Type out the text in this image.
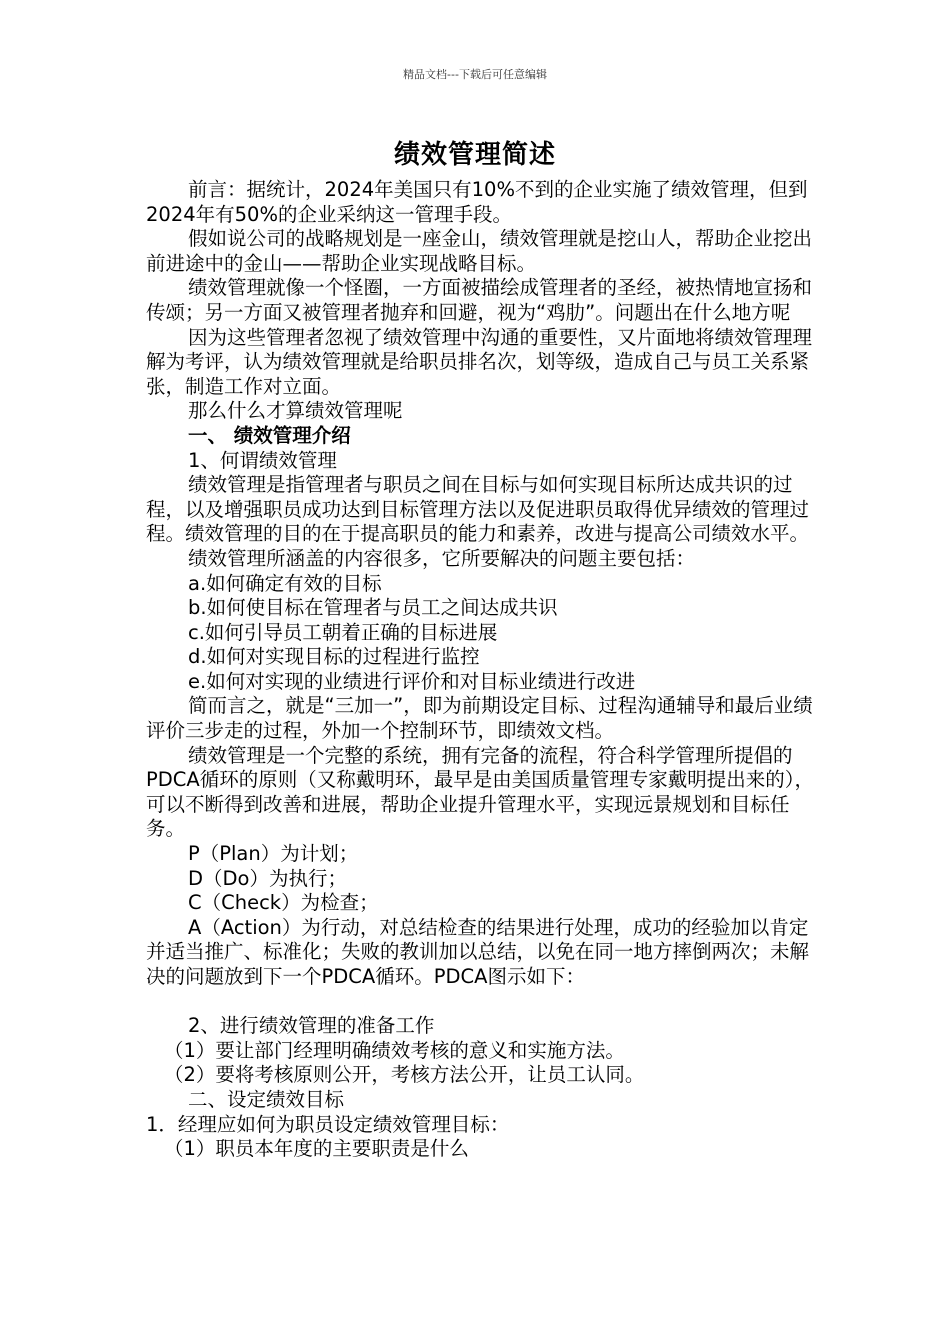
精品文档---下载后可任意编辑
绩效管理简述

前言：据统计，2024年美国只有10%不到的企业实施了绩效管理，但到2024年有50%的企业采纳这一管理手段。

假如说公司的战略规划是一座金山，绩效管理就是挖山人，帮助企业挖出前进途中的金山——帮助企业实现战略目标。

绩效管理就像一个怪圈，一方面被描绘成管理者的圣经，被热情地宣扬和传颂；另一方面又被管理者抛弃和回避，视为“鸡肋”。问题出在什么地方呢

因为这些管理者忽视了绩效管理中沟通的重要性，又片面地将绩效管理理解为考评，认为绩效管理就是给职员排名次，划等级，造成自己与员工关系紧张，制造工作对立面。

那么什么才算绩效管理呢

一、 绩效管理介绍

1、何谓绩效管理

绩效管理是指管理者与职员之间在目标与如何实现目标所达成共识的过程，以及增强职员成功达到目标管理方法以及促进职员取得优异绩效的管理过程。绩效管理的目的在于提高职员的能力和素养，改进与提高公司绩效水平。

绩效管理所涵盖的内容很多，它所要解决的问题主要包括：

a.如何确定有效的目标

b.如何使目标在管理者与员工之间达成共识

c.如何引导员工朝着正确的目标进展

d.如何对实现目标的过程进行监控

e.如何对实现的业绩进行评价和对目标业绩进行改进

简而言之，就是“三加一”，即为前期设定目标、过程沟通辅导和最后业绩评价三步走的过程，外加一个控制环节，即绩效文档。

绩效管理是一个完整的系统，拥有完备的流程，符合科学管理所提倡的PDCA循环的原则（又称戴明环，最早是由美国质量管理专家戴明提出来的），可以不断得到改善和进展，帮助企业提升管理水平，实现远景规划和目标任务。

P（Plan）为计划；

D（Do）为执行；

C（Check）为检查；

A（Action）为行动，对总结检查的结果进行处理，成功的经验加以肯定并适当推广、标准化；失败的教训加以总结，以免在同一地方摔倒两次；未解决的问题放到下一个PDCA循环。PDCA图示如下：

2、进行绩效管理的准备工作

（1）要让部门经理明确绩效考核的意义和实施方法。

（2）要将考核原则公开，考核方法公开，让员工认同。

二、设定绩效目标

1．经理应如何为职员设定绩效管理目标：

（1）职员本年度的主要职责是什么
